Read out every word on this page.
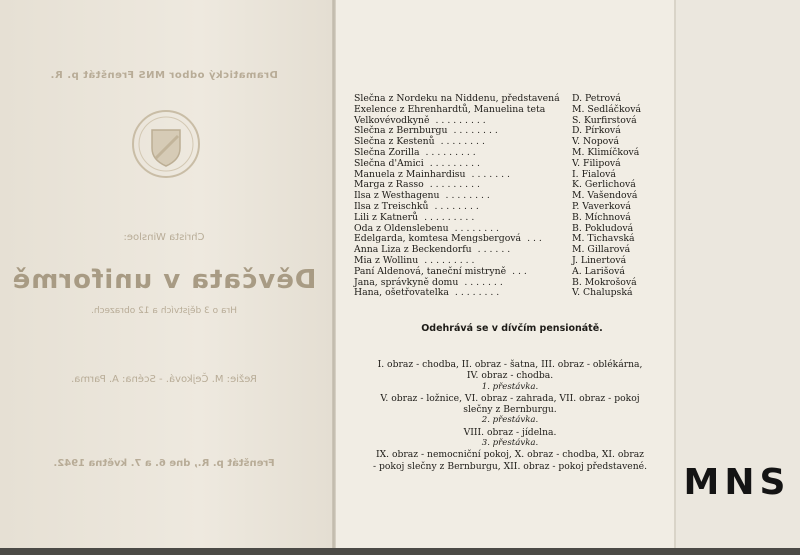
Dramatický odbor MNS Frenštát p. R.
Christa Winsloe:
Děvčata v uniformě
Hra o 3 dějstvích a 12 obrazech.
Režie: M. Čejková. - Scéna: A. Parma.
Frenštát p. R., dne 6. a 7. května 1942.
Slečna z Nordeku na Niddenu, představená D. Petrová
Exelence z Ehrenhardtů, Manuelina teta	M. Sedláčková
Velkovévodkyně . . . . . . . . .	S. Kurfirstová
Slečna z Bernburgu . . . . . . . .	D. Pírková
Slečna z Kestenů . . . . . . . .	V. Nopová
Slečna Zorilla . . . . . . . . .	M. Klimíčková
Slečna d'Amici . . . . . . . . .	V. Filipová
Manuela z Mainhardisu . . . . . . .	I. Fialová
Marga z Rasso . . . . . . . . .	K. Gerlichová
Ilsa z Westhagenu . . . . . . . .	M. Vašendová
Ilsa z Treischků . . . . . . . .	P. Vaverková
Lili z Katnerů . . . . . . . . .	B. Míchnová
Oda z Oldenslebenu . . . . . . . .	B. Pokludová
Edelgarda, komtesa Mengsbergová . . .	M. Tichavská
Anna Liza z Beckendorfu . . . . . .	M. Gillarová
Mia z Wollinu . . . . . . . . .	J. Linertová
Paní Aldenová, taneční mistryně . . .	A. Larišová
Jana, správkyně domu . . . . . . .	B. Mokrošová
Hana, ošetřovatelka . . . . . . . .	V. Chalupská
Odehrává se v dívčím pensionátě.
I. obraz - chodba, II. obraz - šatna, III. obraz - oblékárna,
IV. obraz - chodba.
1. přestávka.
V. obraz - ložnice, VI. obraz - zahrada, VII. obraz - pokoj
slečny z Bernburgu.
2. přestávka.
VIII. obraz - jídelna.
3. přestávka.
IX. obraz - nemocniční pokoj, X. obraz - chodba, XI. obraz
- pokoj slečny z Bernburgu, XII. obraz - pokoj představené.	MNS
